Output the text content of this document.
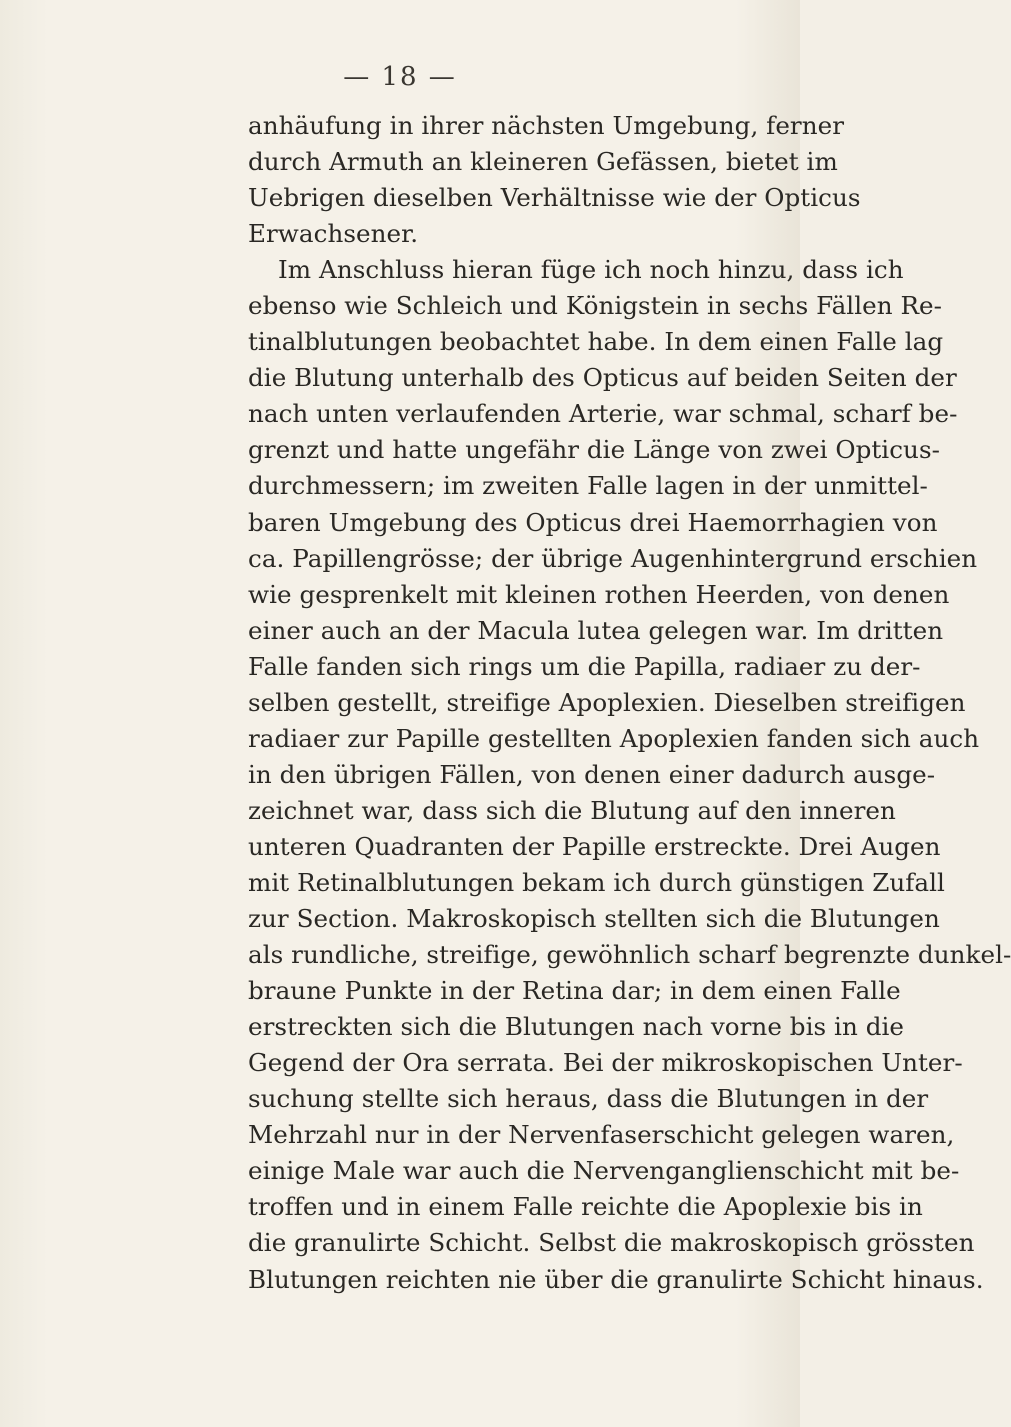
— 18 —
anhäufung in ihrer nächsten Umgebung, ferner
durch Armuth an kleineren Gefässen, bietet im
Uebrigen dieselben Verhältnisse wie der Opticus
Erwachsener.
Im Anschluss hieran füge ich noch hinzu, dass ich
ebenso wie Schleich und Königstein in sechs Fällen Re-
tinalblutungen beobachtet habe. In dem einen Falle lag
die Blutung unterhalb des Opticus auf beiden Seiten der
nach unten verlaufenden Arterie, war schmal, scharf be-
grenzt und hatte ungefähr die Länge von zwei Opticus-
durchmessern; im zweiten Falle lagen in der unmittel-
baren Umgebung des Opticus drei Haemorrhagien von
ca. Papillengrösse; der übrige Augenhintergrund erschien
wie gesprenkelt mit kleinen rothen Heerden, von denen
einer auch an der Macula lutea gelegen war. Im dritten
Falle fanden sich rings um die Papilla, radiaer zu der-
selben gestellt, streifige Apoplexien. Dieselben streifigen
radiaer zur Papille gestellten Apoplexien fanden sich auch
in den übrigen Fällen, von denen einer dadurch ausge-
zeichnet war, dass sich die Blutung auf den inneren
unteren Quadranten der Papille erstreckte. Drei Augen
mit Retinalblutungen bekam ich durch günstigen Zufall
zur Section. Makroskopisch stellten sich die Blutungen
als rundliche, streifige, gewöhnlich scharf begrenzte dunkel-
braune Punkte in der Retina dar; in dem einen Falle
erstreckten sich die Blutungen nach vorne bis in die
Gegend der Ora serrata. Bei der mikroskopischen Unter-
suchung stellte sich heraus, dass die Blutungen in der
Mehrzahl nur in der Nervenfaserschicht gelegen waren,
einige Male war auch die Nervenganglienschicht mit be-
troffen und in einem Falle reichte die Apoplexie bis in
die granulirte Schicht. Selbst die makroskopisch grössten
Blutungen reichten nie über die granulirte Schicht hinaus.
